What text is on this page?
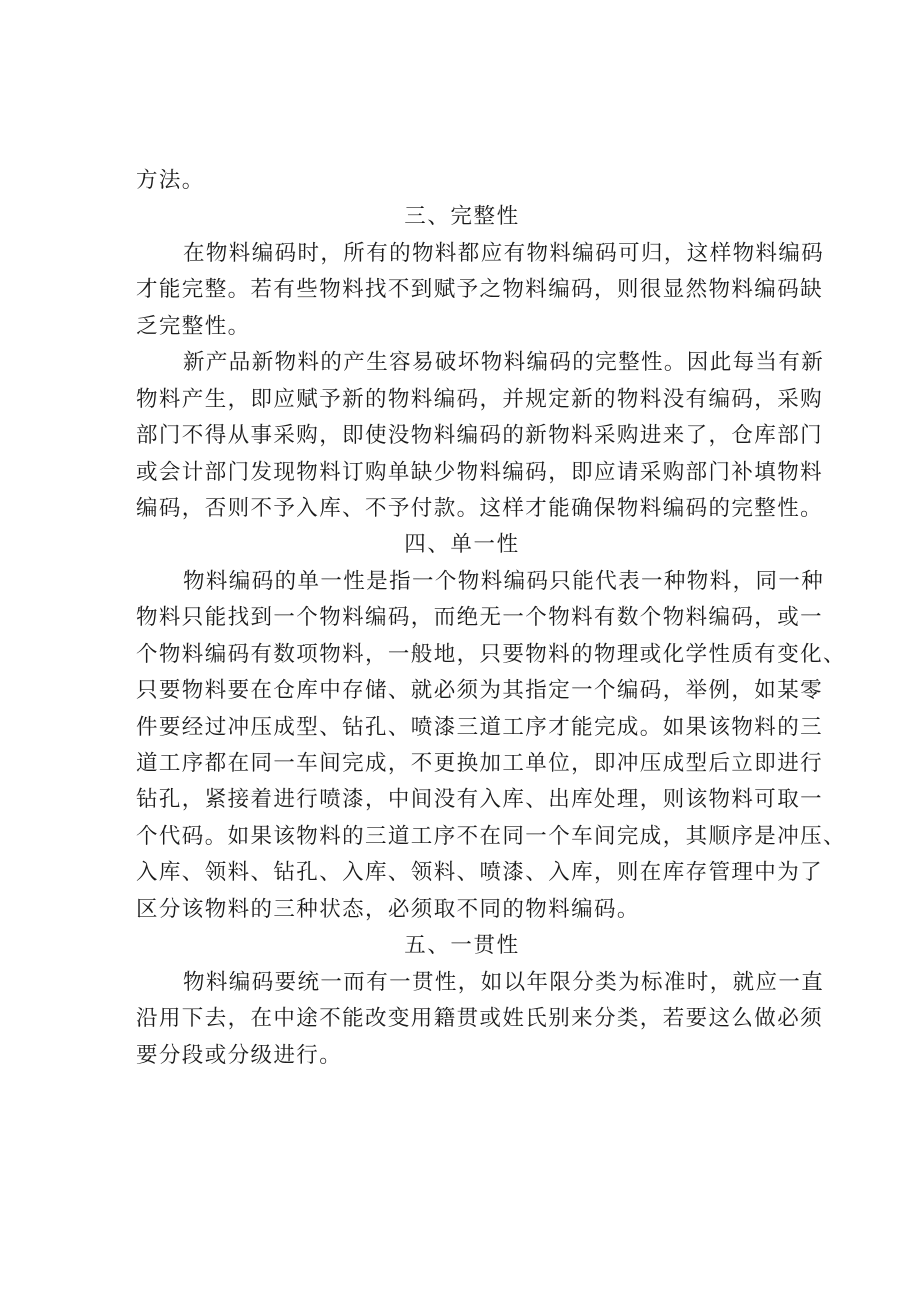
方法。
三、完整性
在物料编码时，所有的物料都应有物料编码可归，这样物料编码
才能完整。若有些物料找不到赋予之物料编码，则很显然物料编码缺
乏完整性。
新产品新物料的产生容易破坏物料编码的完整性。因此每当有新
物料产生，即应赋予新的物料编码，并规定新的物料没有编码，采购
部门不得从事采购，即使没物料编码的新物料采购进来了，仓库部门
或会计部门发现物料订购单缺少物料编码，即应请采购部门补填物料
编码，否则不予入库、不予付款。这样才能确保物料编码的完整性。
四、单一性
物料编码的单一性是指一个物料编码只能代表一种物料，同一种
物料只能找到一个物料编码，而绝无一个物料有数个物料编码，或一
个物料编码有数项物料，一般地，只要物料的物理或化学性质有变化、
只要物料要在仓库中存储、就必须为其指定一个编码，举例，如某零
件要经过冲压成型、钻孔、喷漆三道工序才能完成。如果该物料的三
道工序都在同一车间完成，不更换加工单位，即冲压成型后立即进行
钻孔，紧接着进行喷漆，中间没有入库、出库处理，则该物料可取一
个代码。如果该物料的三道工序不在同一个车间完成，其顺序是冲压、
入库、领料、钻孔、入库、领料、喷漆、入库，则在库存管理中为了
区分该物料的三种状态，必须取不同的物料编码。
五、一贯性
物料编码要统一而有一贯性，如以年限分类为标准时，就应一直
沿用下去，在中途不能改变用籍贯或姓氏别来分类，若要这么做必须
要分段或分级进行。
